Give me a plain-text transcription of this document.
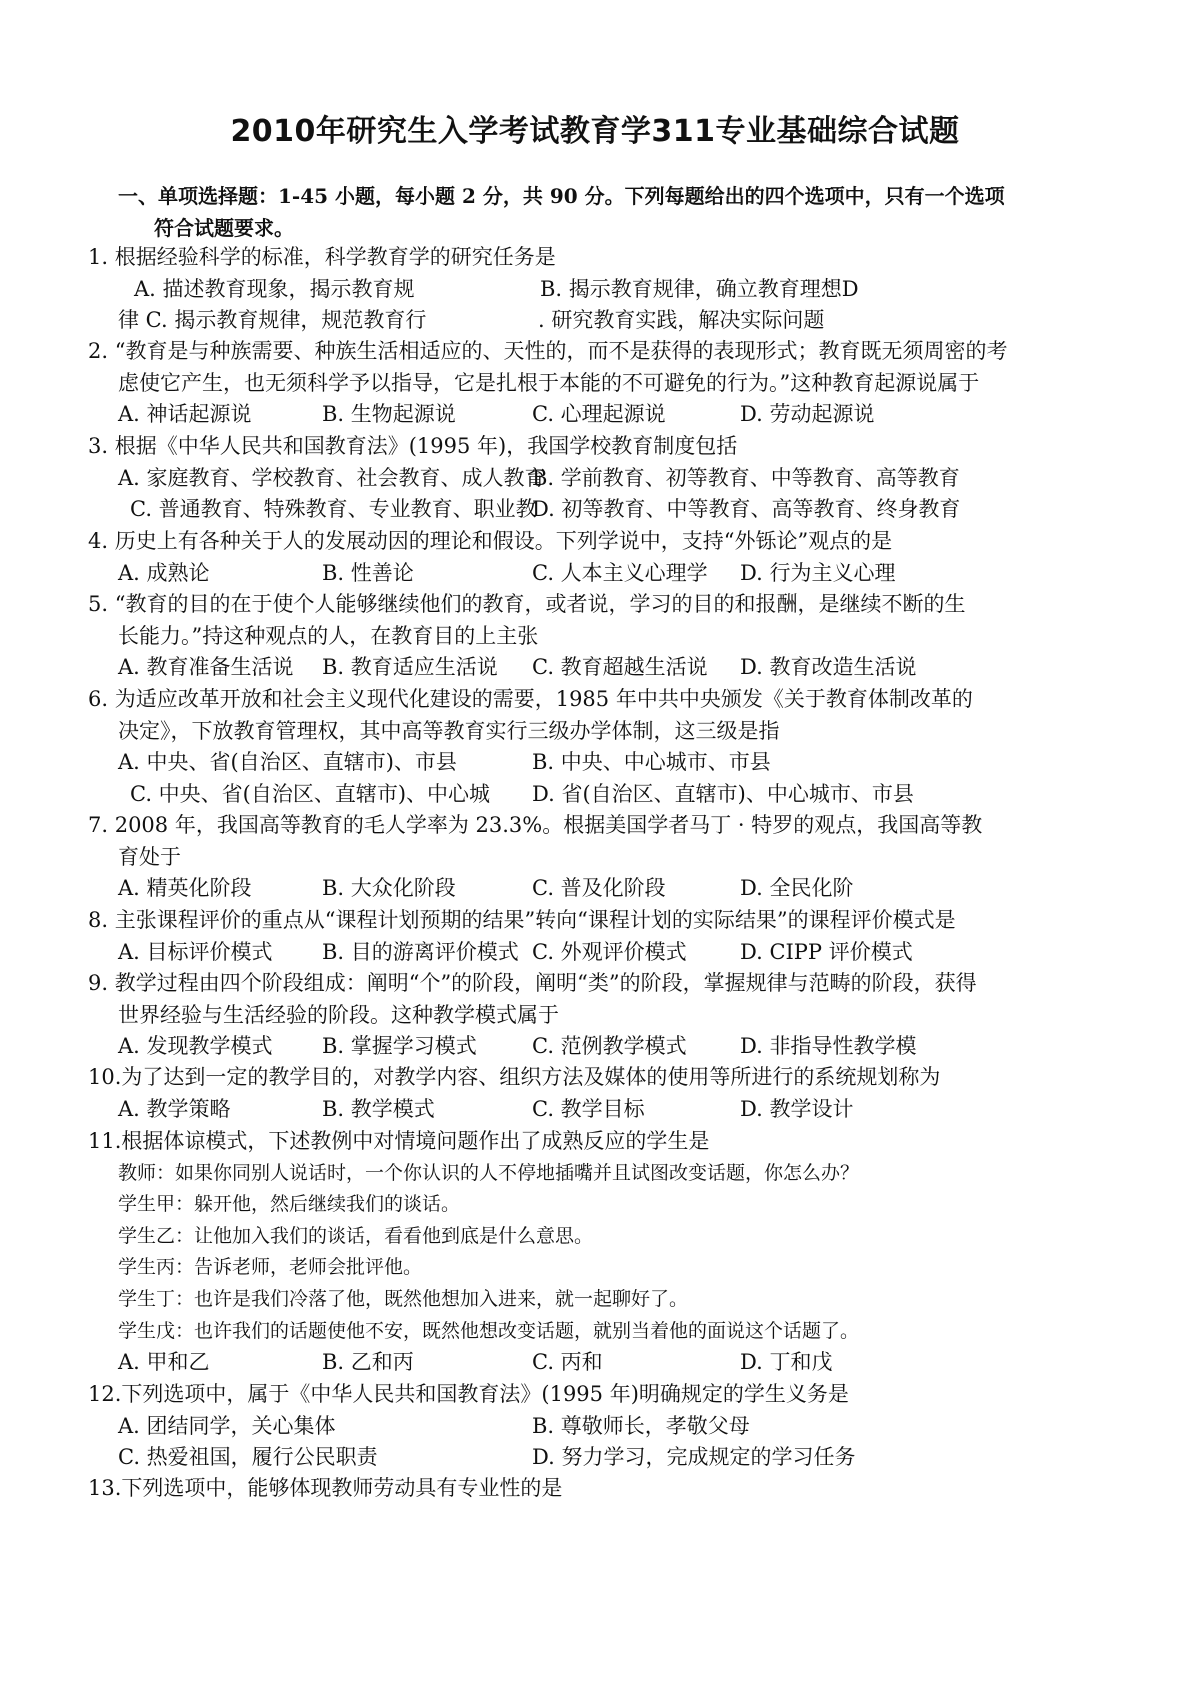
2010年研究生入学考试教育学311专业基础综合试题
一、单项选择题：1-45 小题，每小题 2 分，共 90 分。下列每题给出的四个选项中，只有一个选项
符合试题要求。
1. 根据经验科学的标准，科学教育学的研究任务是
A. 描述教育现象，揭示教育规	B. 揭示教育规律，确立教育理想D
律 C. 揭示教育规律，规范教育行	. 研究教育实践，解决实际问题
2. “教育是与种族需要、种族生活相适应的、天性的，而不是获得的表现形式；教育既无须周密的考
虑使它产生，也无须科学予以指导，它是扎根于本能的不可避免的行为。”这种教育起源说属于
A. 神话起源说	B. 生物起源说	C. 心理起源说	D. 劳动起源说
3. 根据《中华人民共和国教育法》(1995 年)，我国学校教育制度包括
A. 家庭教育、学校教育、社会教育、成人教育
B. 学前教育、初等教育、中等教育、高等教育
C. 普通教育、特殊教育、专业教育、职业教
D. 初等教育、中等教育、高等教育、终身教育
4. 历史上有各种关于人的发展动因的理论和假设。下列学说中，支持“外铄论”观点的是
A. 成熟论	B. 性善论	C. 人本主义心理学 D. 行为主义心理
5. “教育的目的在于使个人能够继续他们的教育，或者说，学习的目的和报酬，是继续不断的生
长能力。”持这种观点的人，在教育目的上主张
A. 教育准备生活说 B. 教育适应生活说 C. 教育超越生活说 D. 教育改造生活说
6. 为适应改革开放和社会主义现代化建设的需要，1985 年中共中央颁发《关于教育体制改革的
决定》，下放教育管理权，其中高等教育实行三级办学体制，这三级是指
A. 中央、省(自治区、直辖市)、市县	B. 中央、中心城市、市县
C. 中央、省(自治区、直辖市)、中心城 D. 省(自治区、直辖市)、中心城市、市县
7. 2008 年，我国高等教育的毛人学率为 23.3%。根据美国学者马丁 · 特罗的观点，我国高等教
育处于
A. 精英化阶段	B. 大众化阶段	C. 普及化阶段	D. 全民化阶
8. 主张课程评价的重点从“课程计划预期的结果”转向“课程计划的实际结果”的课程评价模式是
A. 目标评价模式 B. 目的游离评价模式 C. 外观评价模式	D. CIPP 评价模式
9. 教学过程由四个阶段组成：阐明“个”的阶段，阐明“类”的阶段，掌握规律与范畴的阶段，获得
世界经验与生活经验的阶段。这种教学模式属于
A. 发现教学模式 B. 掌握学习模式	C. 范例教学模式	D. 非指导性教学模
10.为了达到一定的教学目的，对教学内容、组织方法及媒体的使用等所进行的系统规划称为
A. 教学策略	B. 教学模式	C. 教学目标	D. 教学设计
11.根据体谅模式，下述教例中对情境问题作出了成熟反应的学生是
教师：如果你同别人说话时，一个你认识的人不停地插嘴并且试图改变话题，你怎么办？
学生甲：躲开他，然后继续我们的谈话。
学生乙：让他加入我们的谈话，看看他到底是什么意思。
学生丙：告诉老师，老师会批评他。
学生丁：也许是我们冷落了他，既然他想加入进来，就一起聊好了。
学生戊：也许我们的话题使他不安，既然他想改变话题，就别当着他的面说这个话题了。
A. 甲和乙	B. 乙和丙	C. 丙和	D. 丁和戊
12.下列选项中，属于《中华人民共和国教育法》(1995 年)明确规定的学生义务是
A. 团结同学，关心集体	B. 尊敬师长，孝敬父母
C. 热爱祖国，履行公民职责	D. 努力学习，完成规定的学习任务
13.下列选项中，能够体现教师劳动具有专业性的是
